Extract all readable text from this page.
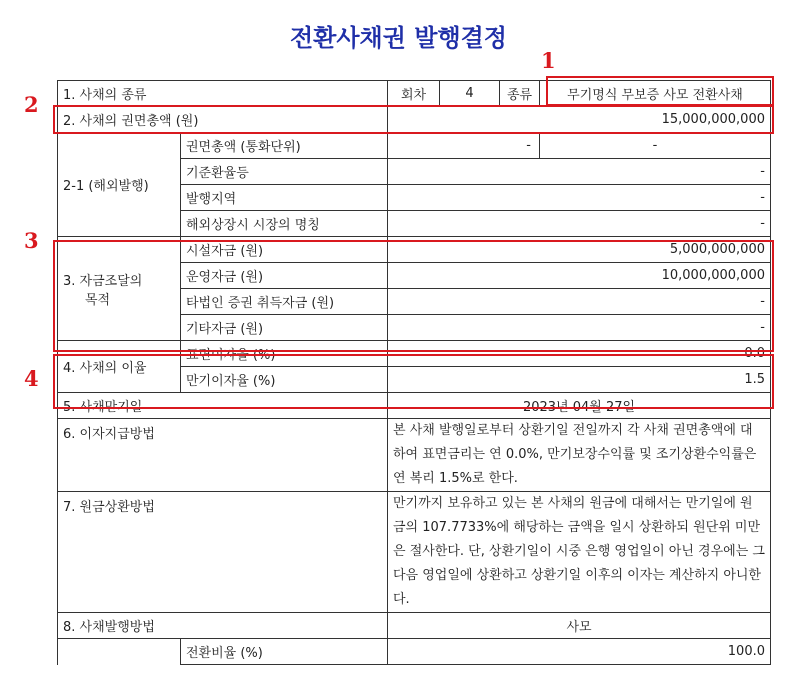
전환사채권 발행결정
1. 사채의 종류		회차	4	종류	무기명식 무보증 사모 전환사채
2. 사채의 권면총액 (원)		15,000,000,000			
2-1 (해외발행)	권면총액 (통화단위)	-			-
	기준환율등	-			
	발행지역	-			
	해외상장시 시장의 명칭	-			

3. 자금조달의
목적	시설자금 (원)	5,000,000,000			
	운영자금 (원)	10,000,000,000			
	타법인 증권 취득자금 (원)	-			
	기타자금 (원)	-			
4. 사채의 이율	표면이자율 (%)	0.0			
	만기이자율 (%)	1.5			
5. 사채만기일		2023년 04월 27일			
6. 이자지급방법		본 사채 발행일로부터 상환기일 전일까지 각 사채 권면총액에 대하여 표면금리는 연 0.0%, 만기보장수익률 및 조기상환수익률은 연 복리 1.5%로 한다.			
7. 원금상환방법		만기까지 보유하고 있는 본 사채의 원금에 대해서는 만기일에 원금의 107.7733%에 해당하는 금액을 일시 상환하되 원단위 미만은 절사한다. 단, 상환기일이 시중 은행 영업일이 아닌 경우에는 그 다음 영업일에 상환하고 상환기일 이후의 이자는 계산하지 아니한다.			
8. 사채발행방법		사모			
	전환비율 (%)	100.0			
1
2
3
4
